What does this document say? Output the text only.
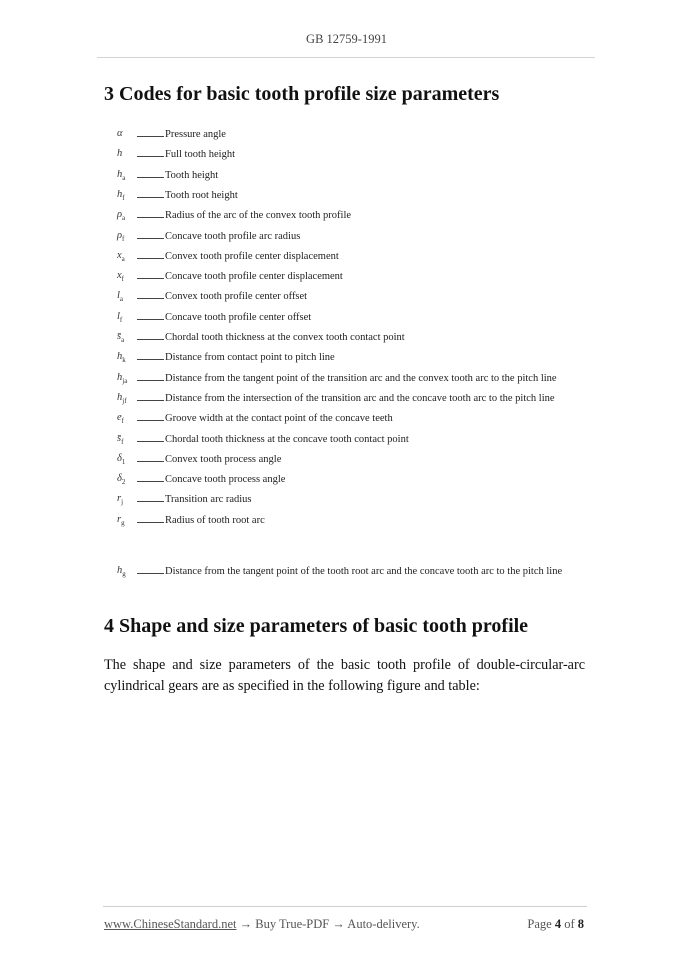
GB 12759-1991
3 Codes for basic tooth profile size parameters
α	Pressure angle
h	Full tooth height
$h_a$	Tooth height
$h_f$	Tooth root height
$\rho_a$	Radius of the arc of the convex tooth profile
$\rho_f$	Concave tooth profile arc radius
$x_a$	Convex tooth profile center displacement
$x_f$	Concave tooth profile center displacement
$l_a$	Convex tooth profile center offset
$l_f$	Concave tooth profile center offset
$s̄_a$	Chordal tooth thickness at the convex tooth contact point
$h_k$	Distance from contact point to pitch line
$h_{ja}$	Distance from the tangent point of the transition arc and the convex tooth arc to the pitch line
$h_{jf}$	Distance from the intersection of the transition arc and the concave tooth arc to the pitch line
$e_f$	Groove width at the contact point of the concave teeth
$s̄_f$	Chordal tooth thickness at the concave tooth contact point
$\delta_1$	Convex tooth process angle
$\delta_2$	Concave tooth process angle
$r_j$	Transition arc radius
$r_g$	Radius of tooth root arc
$h_g$	Distance from the tangent point of the tooth root arc and the concave tooth arc to the pitch line
4 Shape and size parameters of basic tooth profile

The shape and size parameters of the basic tooth profile of double-circular-arc cylindrical gears are as specified in the following figure and table:

www.ChineseStandard.net → Buy True-PDF → Auto-delivery.	Page 4 of 8
